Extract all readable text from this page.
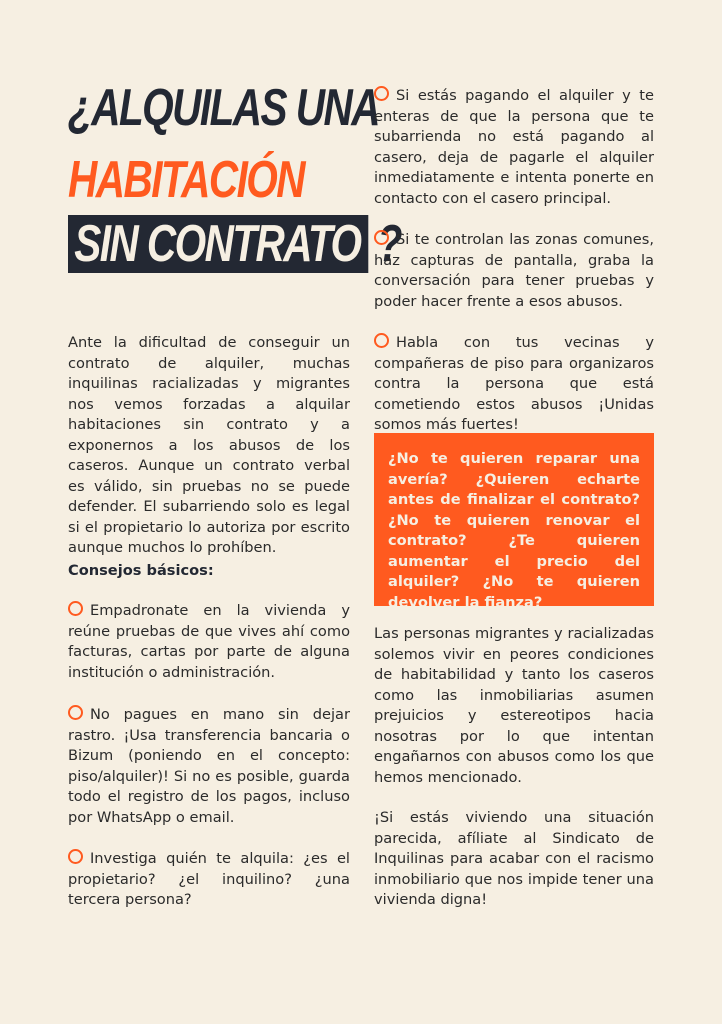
¿ALQUILAS UNA
HABITACIÓN
SIN CONTRATO ?

Ante la dificultad de conseguir un contrato de alquiler, muchas inquilinas racializadas y migrantes nos vemos forzadas a alquilar habitaciones sin contrato y a exponernos a los abusos de los caseros. Aunque un contrato verbal es válido, sin pruebas no se puede defender. El subarriendo solo es legal si el propietario lo autoriza por escrito aunque muchos lo prohíben.

Consejos básicos:

Empadronate en la vivienda y reúne pruebas de que vives ahí como facturas, cartas por parte de alguna institución o administración.

No pagues en mano sin dejar rastro. ¡Usa transferencia bancaria o Bizum (poniendo en el concepto: piso/alquiler)! Si no es posible, guarda todo el registro de los pagos, incluso por WhatsApp o email.

Investiga quién te alquila: ¿es el propietario? ¿el inquilino? ¿una tercera persona?

Si estás pagando el alquiler y te enteras de que la persona que te subarrienda no está pagando al casero, deja de pagarle el alquiler inmediatamente e intenta ponerte en contacto con el casero principal.

Si te controlan las zonas comunes, haz capturas de pantalla, graba la conversación para tener pruebas y poder hacer frente a esos abusos.

Habla con tus vecinas y compañeras de piso para organizaros contra la persona que está cometiendo estos abusos ¡Unidas somos más fuertes!

¿No te quieren reparar una avería? ¿Quieren echarte antes de finalizar el contrato? ¿No te quieren renovar el contrato? ¿Te quieren aumentar el precio del alquiler? ¿No te quieren devolver la fianza?

Las personas migrantes y racializadas solemos vivir en peores condiciones de habitabilidad y tanto los caseros como las inmobiliarias asumen prejuicios y estereotipos hacia nosotras por lo que intentan engañarnos con abusos como los que hemos mencionado.

¡Si estás viviendo una situación parecida, afíliate al Sindicato de Inquilinas para acabar con el racismo inmobiliario que nos impide tener una vivienda digna!
